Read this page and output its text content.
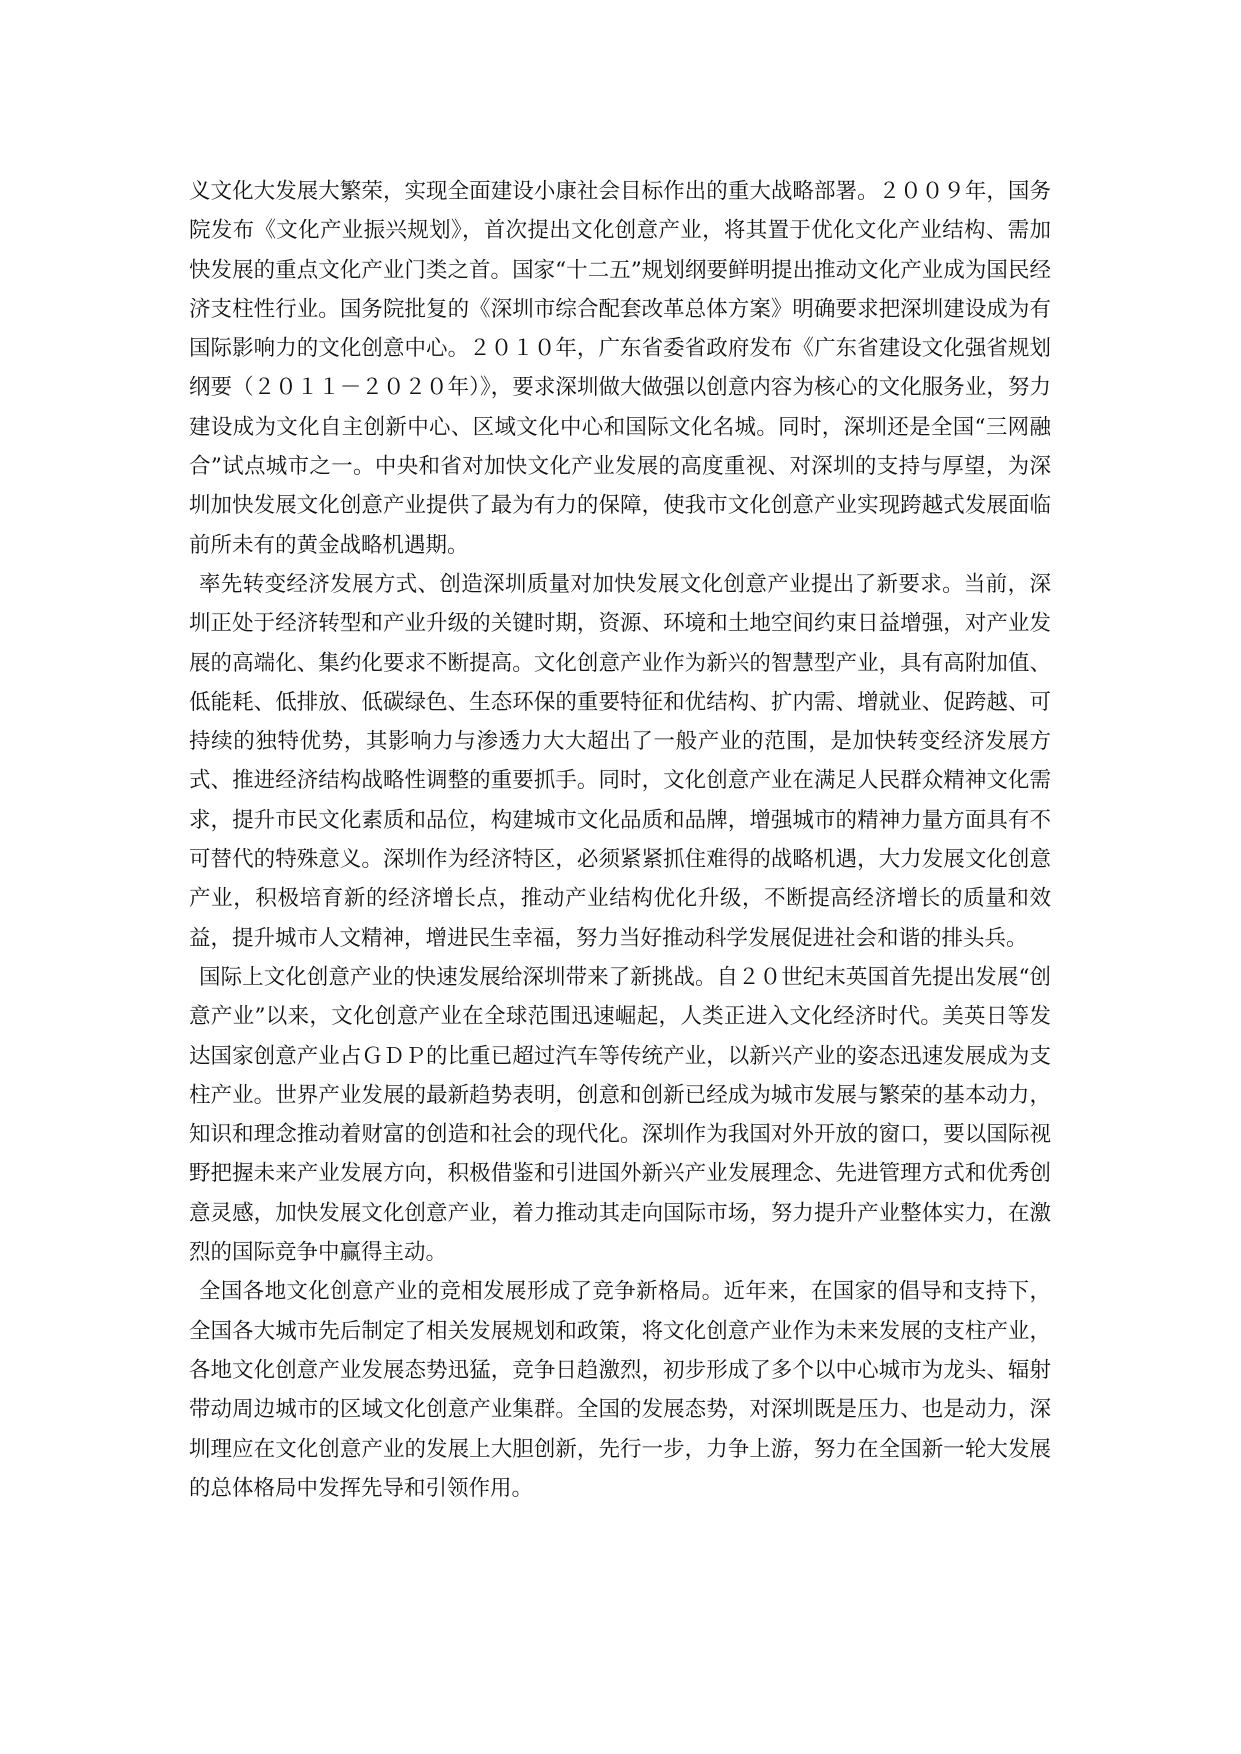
义文化大发展大繁荣，实现全面建设小康社会目标作出的重大战略部署。２００９年，国务院发布《文化产业振兴规划》，首次提出文化创意产业，将其置于优化文化产业结构、需加快发展的重点文化产业门类之首。国家“十二五”规划纲要鲜明提出推动文化产业成为国民经济支柱性行业。国务院批复的《深圳市综合配套改革总体方案》明确要求把深圳建设成为有国际影响力的文化创意中心。２０１０年，广东省委省政府发布《广东省建设文化强省规划纲要（２０１１－２０２０年）》，要求深圳做大做强以创意内容为核心的文化服务业，努力建设成为文化自主创新中心、区域文化中心和国际文化名城。同时，深圳还是全国“三网融合”试点城市之一。中央和省对加快文化产业发展的高度重视、对深圳的支持与厚望，为深圳加快发展文化创意产业提供了最为有力的保障，使我市文化创意产业实现跨越式发展面临前所未有的黄金战略机遇期。

率先转变经济发展方式、创造深圳质量对加快发展文化创意产业提出了新要求。当前，深圳正处于经济转型和产业升级的关键时期，资源、环境和土地空间约束日益增强，对产业发展的高端化、集约化要求不断提高。文化创意产业作为新兴的智慧型产业，具有高附加值、低能耗、低排放、低碳绿色、生态环保的重要特征和优结构、扩内需、增就业、促跨越、可持续的独特优势，其影响力与渗透力大大超出了一般产业的范围，是加快转变经济发展方式、推进经济结构战略性调整的重要抓手。同时，文化创意产业在满足人民群众精神文化需求，提升市民文化素质和品位，构建城市文化品质和品牌，增强城市的精神力量方面具有不可替代的特殊意义。深圳作为经济特区，必须紧紧抓住难得的战略机遇，大力发展文化创意产业，积极培育新的经济增长点，推动产业结构优化升级，不断提高经济增长的质量和效益，提升城市人文精神，增进民生幸福，努力当好推动科学发展促进社会和谐的排头兵。

国际上文化创意产业的快速发展给深圳带来了新挑战。自２０世纪末英国首先提出发展“创意产业”以来，文化创意产业在全球范围迅速崛起，人类正进入文化经济时代。美英日等发达国家创意产业占ＧＤＰ的比重已超过汽车等传统产业，以新兴产业的姿态迅速发展成为支柱产业。世界产业发展的最新趋势表明，创意和创新已经成为城市发展与繁荣的基本动力，知识和理念推动着财富的创造和社会的现代化。深圳作为我国对外开放的窗口，要以国际视野把握未来产业发展方向，积极借鉴和引进国外新兴产业发展理念、先进管理方式和优秀创意灵感，加快发展文化创意产业，着力推动其走向国际市场，努力提升产业整体实力，在激烈的国际竞争中赢得主动。

全国各地文化创意产业的竞相发展形成了竞争新格局。近年来，在国家的倡导和支持下，全国各大城市先后制定了相关发展规划和政策，将文化创意产业作为未来发展的支柱产业，各地文化创意产业发展态势迅猛，竞争日趋激烈，初步形成了多个以中心城市为龙头、辐射带动周边城市的区域文化创意产业集群。全国的发展态势，对深圳既是压力、也是动力，深圳理应在文化创意产业的发展上大胆创新，先行一步，力争上游，努力在全国新一轮大发展的总体格局中发挥先导和引领作用。
